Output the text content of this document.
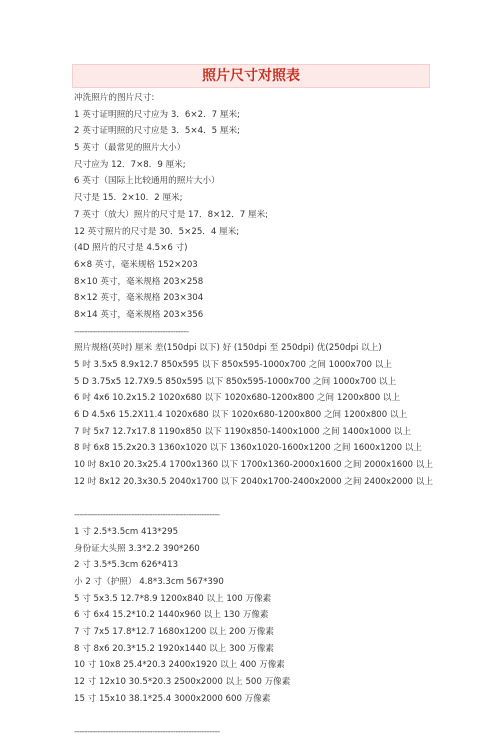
照片尺寸对照表
冲洗照片的图片尺寸:
1 英寸证明照的尺寸应为 3．6×2．7 厘米;
2 英寸证明照的尺寸应是 3．5×4．5 厘米;
5 英寸（最常见的照片大小）
尺寸应为 12．7×8．9 厘米;
6 英寸（国际上比较通用的照片大小）
尺寸是 15．2×10．2 厘米;
7 英寸（放大）照片的尺寸是 17．8×12．7 厘米;
12 英寸照片的尺寸是 30．5×25．4 厘米;
(4D 照片的尺寸是 4.5×6 寸)
6×8 英寸，毫米规格 152×203
8×10 英寸，毫米规格 203×258
8×12 英寸，毫米规格 203×304
8×14 英寸，毫米规格 203×356
--------------------------------------------
照片规格(英吋) 厘米 差(150dpi 以下) 好 (150dpi 至 250dpi) 优(250dpi 以上)
5 吋 3.5x5 8.9x12.7 850x595 以下 850x595-1000x700 之间 1000x700 以上
5 D 3.75x5 12.7X9.5 850x595 以下 850x595-1000x700 之间 1000x700 以上
6 吋 4x6 10.2x15.2 1020x680 以下 1020x680-1200x800 之间 1200x800 以上
6 D 4.5x6 15.2X11.4 1020x680 以下 1020x680-1200x800 之间 1200x800 以上
7 吋 5x7 12.7x17.8 1190x850 以下 1190x850-1400x1000 之间 1400x1000 以上
8 吋 6x8 15.2x20.3 1360x1020 以下 1360x1020-1600x1200 之间 1600x1200 以上
10 吋 8x10 20.3x25.4 1700x1360 以下 1700x1360-2000x1600 之间 2000x1600 以上
12 吋 8x12 20.3x30.5 2040x1700 以下 2040x1700-2400x2000 之间 2400x2000 以上
--------------------------------------------------------
1 寸 2.5*3.5cm 413*295
身份证大头照 3.3*2.2 390*260
2 寸 3.5*5.3cm 626*413
小 2 寸（护照） 4.8*3.3cm 567*390
5 寸 5x3.5 12.7*8.9 1200x840 以上 100 万像素
6 寸 6x4 15.2*10.2 1440x960 以上 130 万像素
7 寸 7x5 17.8*12.7 1680x1200 以上 200 万像素
8 寸 8x6 20.3*15.2 1920x1440 以上 300 万像素
10 寸 10x8 25.4*20.3 2400x1920 以上 400 万像素
12 寸 12x10 30.5*20.3 2500x2000 以上 500 万像素
15 寸 15x10 38.1*25.4 3000x2000 600 万像素
--------------------------------------------------------
